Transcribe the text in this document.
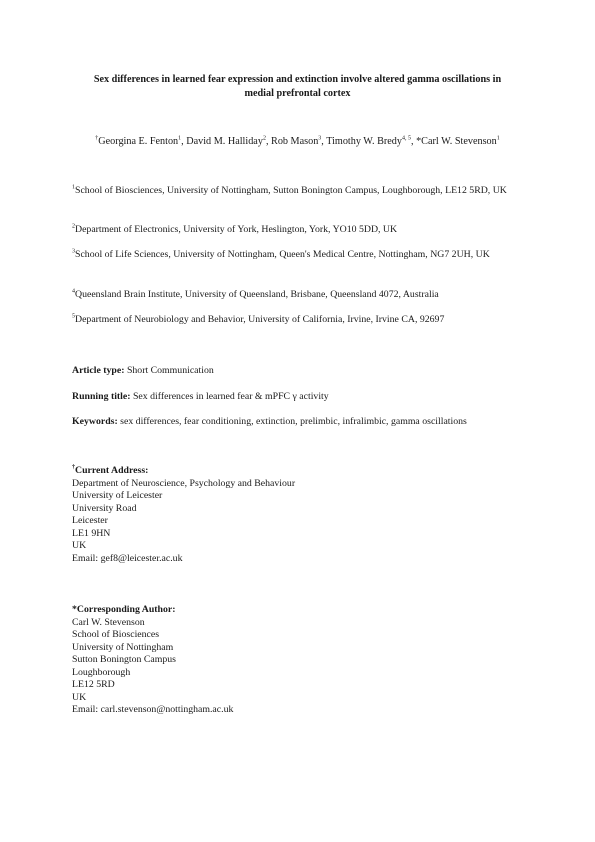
Sex differences in learned fear expression and extinction involve altered gamma oscillations in
medial prefrontal cortex
†Georgina E. Fenton$^1$, David M. Halliday$^2$, Rob Mason$^3$, Timothy W. Bredy$^{4, 5}$, *Carl W. Stevenson$^1$
$^1$School of Biosciences, University of Nottingham, Sutton Bonington Campus, Loughborough, LE12 5RD, UK
$^2$Department of Electronics, University of York, Heslington, York, YO10 5DD, UK
$^3$School of Life Sciences, University of Nottingham, Queen's Medical Centre, Nottingham, NG7 2UH, UK
$^4$Queensland Brain Institute, University of Queensland, Brisbane, Queensland 4072, Australia
$^5$Department of Neurobiology and Behavior, University of California, Irvine, Irvine CA, 92697
Article type: Short Communication
Running title: Sex differences in learned fear & mPFC γ activity
Keywords: sex differences, fear conditioning, extinction, prelimbic, infralimbic, gamma oscillations
†Current Address:
Department of Neuroscience, Psychology and Behaviour
University of Leicester
University Road
Leicester
LE1 9HN
UK
Email: gef8@leicester.ac.uk
*Corresponding Author:
Carl W. Stevenson
School of Biosciences
University of Nottingham
Sutton Bonington Campus
Loughborough
LE12 5RD
UK
Email: carl.stevenson@nottingham.ac.uk
